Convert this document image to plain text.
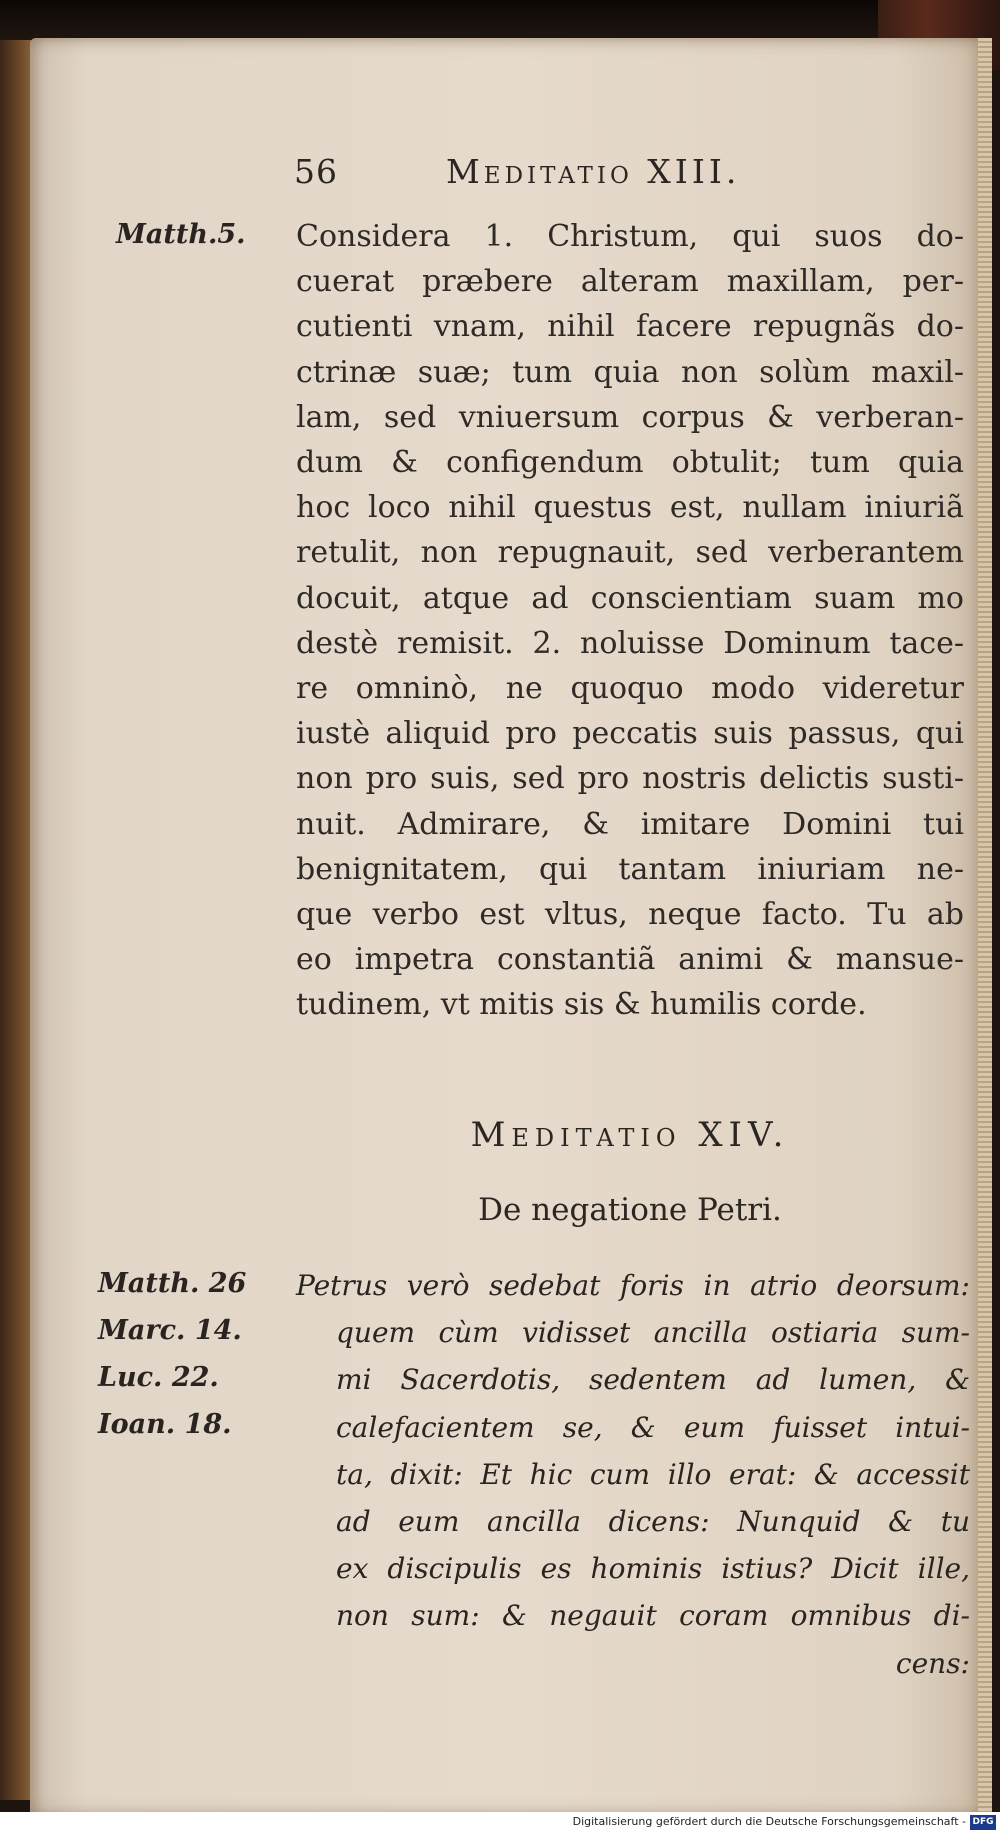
56	Meditatio XIII.
Matth.5. Considera 1. Christum, qui suos do-
cuerat præbere alteram maxillam, per-
cutienti vnam, nihil facere repugnãs do-
ctrinæ suæ; tum quia non solùm maxil-
lam, sed vniuersum corpus & verberan-
dum & configendum obtulit; tum quia
hoc loco nihil questus est, nullam iniuriã
retulit, non repugnauit, sed verberantem
docuit, atque ad conscientiam suam mo
destè remisit. 2. noluisse Dominum tace-
re omninò, ne quoquo modo videretur
iustè aliquid pro peccatis suis passus, qui
non pro suis, sed pro nostris delictis susti-
nuit. Admirare, & imitare Domini tui
benignitatem, qui tantam iniuriam ne-
que verbo est vltus, neque facto. Tu ab
eo impetra constantiã animi & mansue-
tudinem, vt mitis sis & humilis corde.
Meditatio XIV.
De negatione Petri.
Matth. 26
Marc. 14.
Luc. 22.
Ioan. 18.
Petrus verò sedebat foris in atrio deorsum:
quem cùm vidisset ancilla ostiaria sum-
mi Sacerdotis, sedentem ad lumen, &
calefacientem se, & eum fuisset intui-
ta, dixit: Et hic cum illo erat: & accessit
ad eum ancilla dicens: Nunquid & tu
ex discipulis es hominis istius? Dicit ille,
non sum: & negauit coram omnibus di-
cens:
Digitalisierung gefördert durch die Deutsche Forschungsgemeinschaft - DFG
